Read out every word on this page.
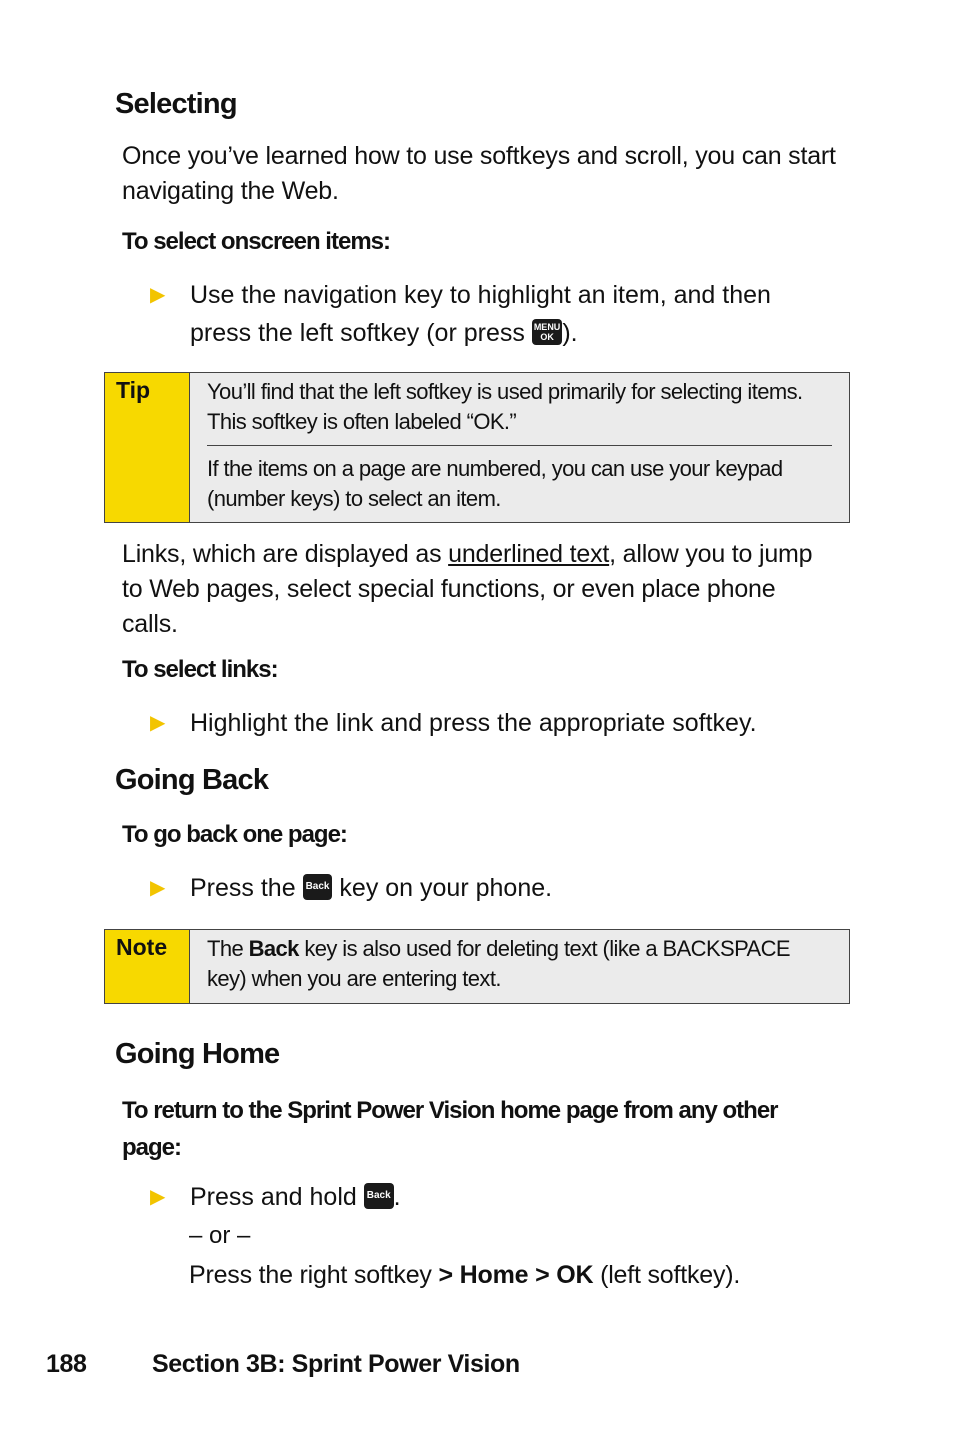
Selecting
Once you’ve learned how to use softkeys and scroll, you can start navigating the Web.
To select onscreen items:
▶ Use the navigation key to highlight an item, and then press the left softkey (or press MENU
OK ).
Tip	You’ll find that the left softkey is used primarily for selecting items. This softkey is often labeled “OK.”
If the items on a page are numbered, you can use your keypad (number keys) to select an item.
Links, which are displayed as underlined text, allow you to jump to Web pages, select special functions, or even place phone calls.
To select links:
▶ Highlight the link and press the appropriate softkey.
Going Back
To go back one page:
▶ Press the Back key on your phone.
Note	The Back key is also used for deleting text (like a BACKSPACE key) when you are entering text.
Going Home
To return to the Sprint Power Vision home page from any other page:
▶ Press and hold Back .
– or –
Press the right softkey > Home > OK (left softkey).
188	Section 3B: Sprint Power Vision
